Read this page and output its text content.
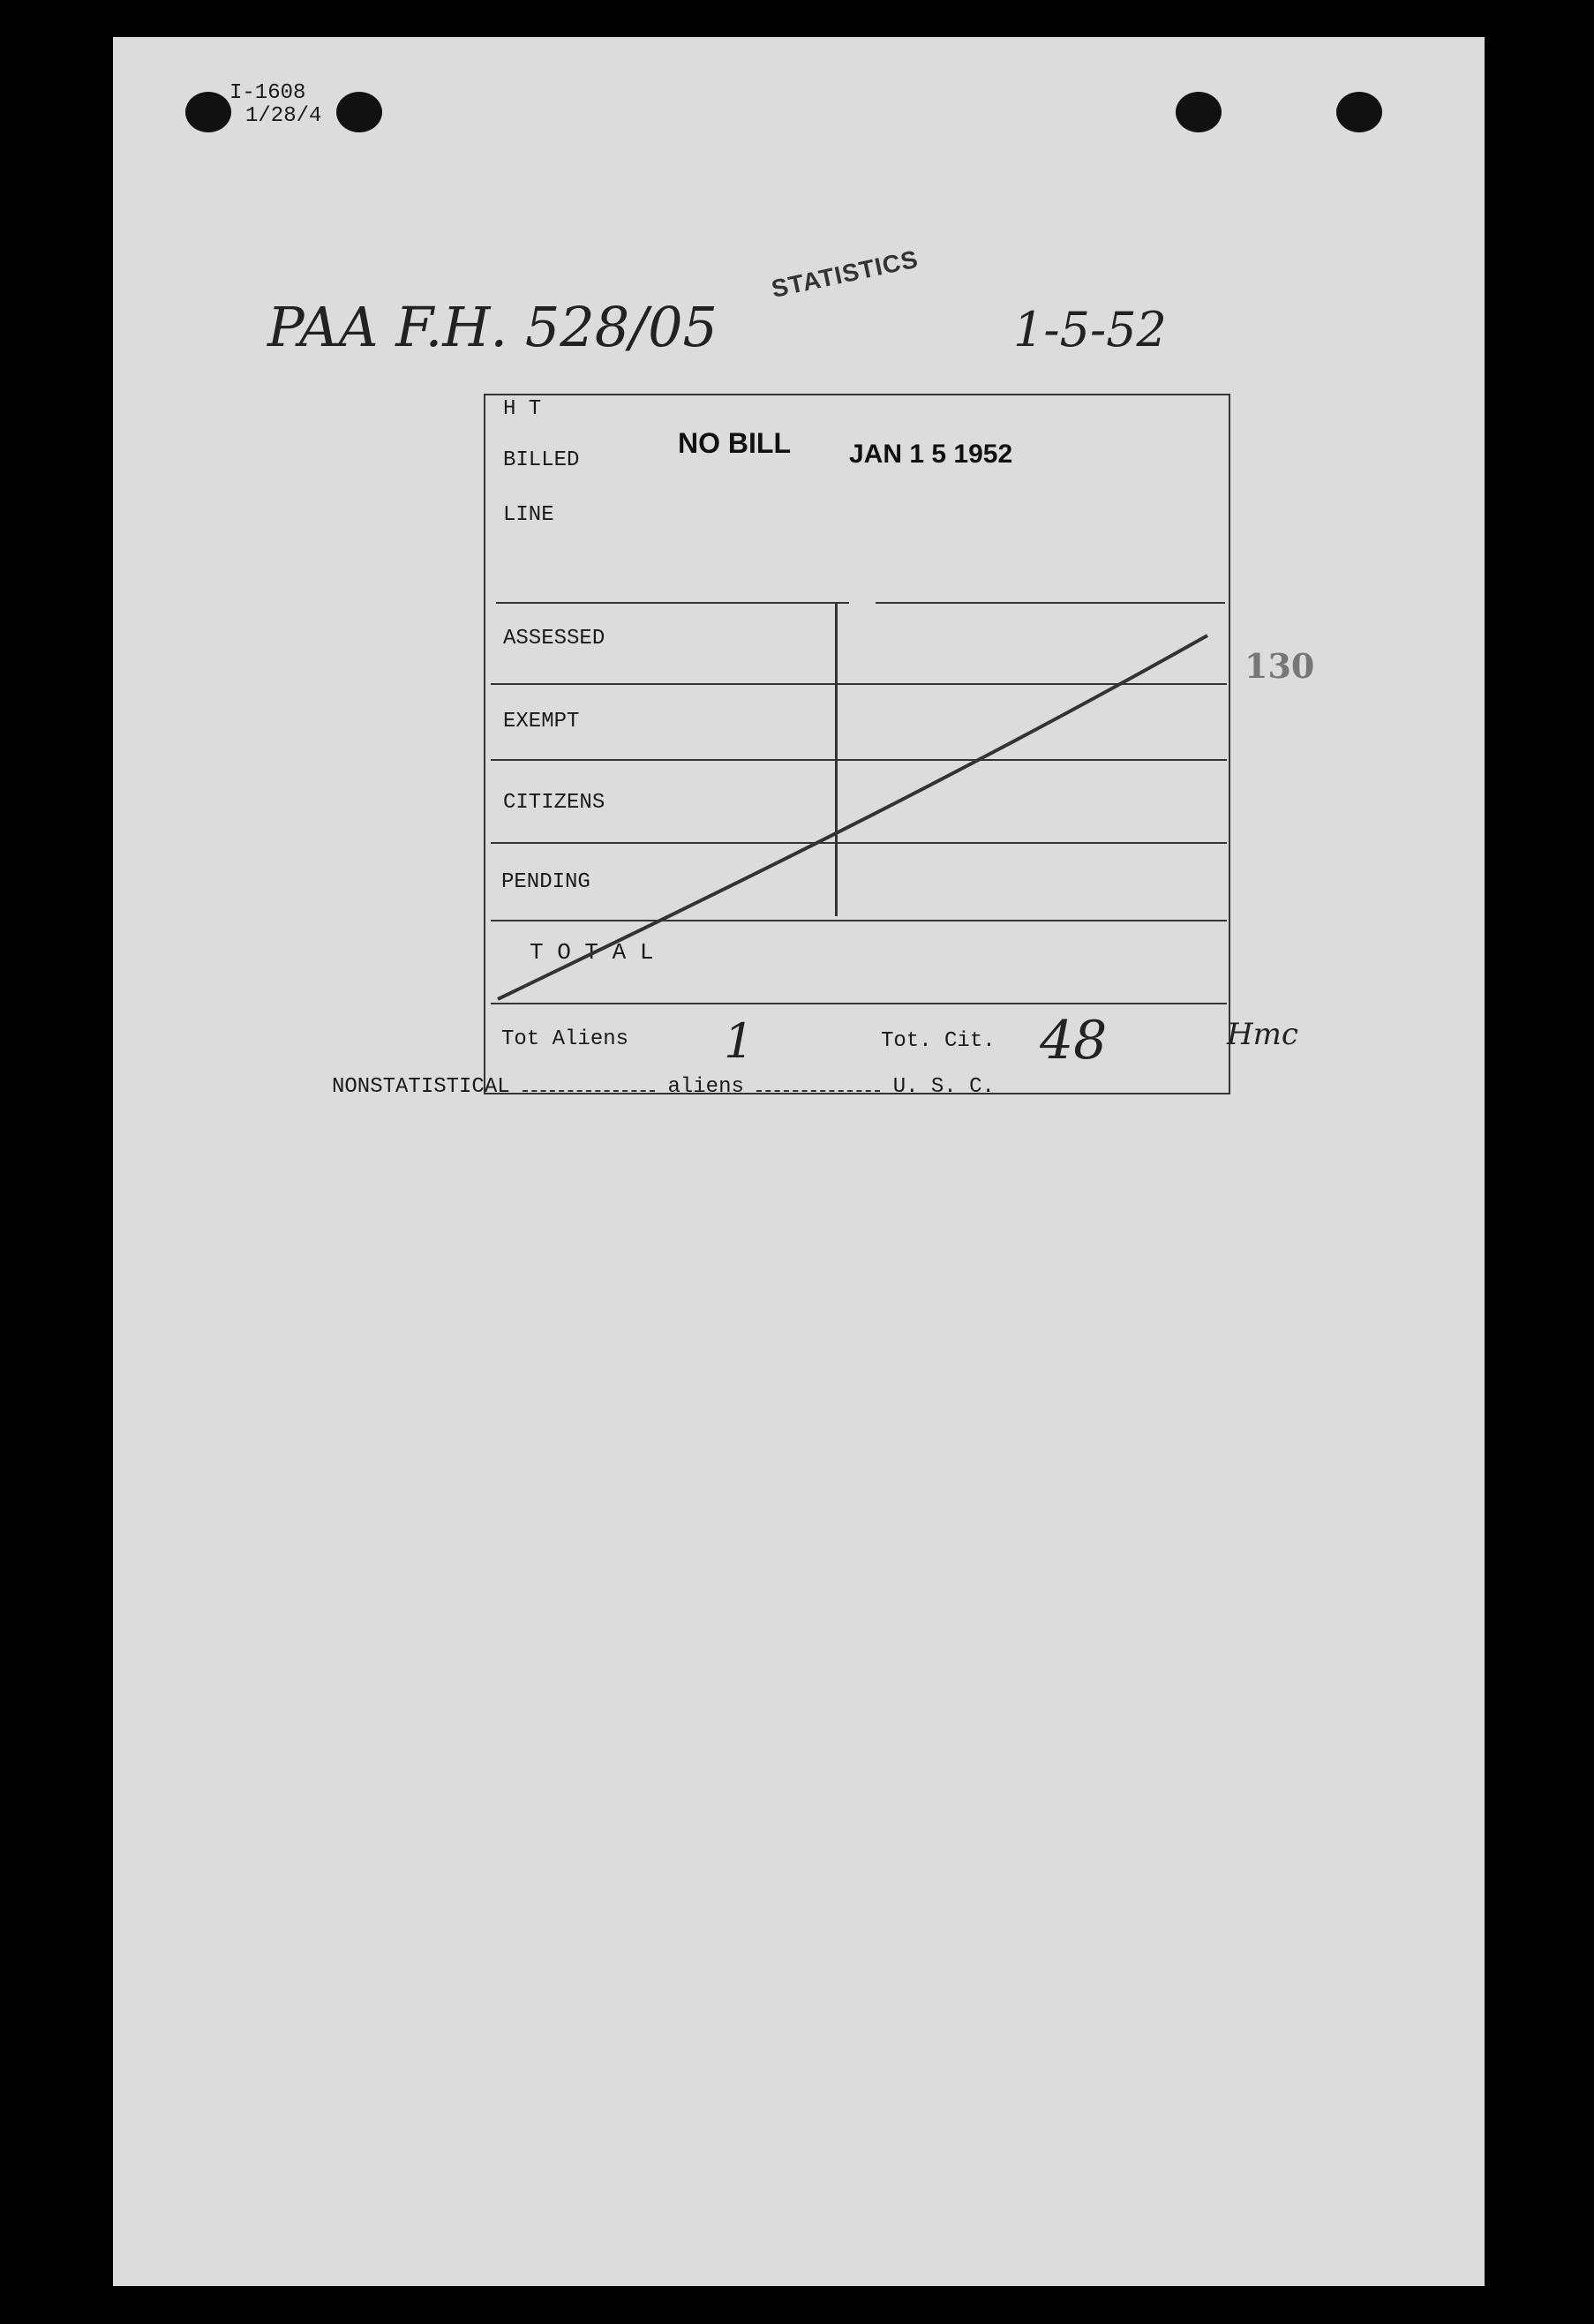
I-1608
1/28/4
PAA F.H. 528/05
STATISTICS
1-5-52
130
H T
BILLED
NO BILL JAN 1 5 1952
LINE
ASSESSED
EXEMPT
CITIZENS
PENDING
T O T A L
Tot Aliens 1	Tot. Cit. 48	Hmc
NONSTATISTICAL	aliens	U. S. C.
